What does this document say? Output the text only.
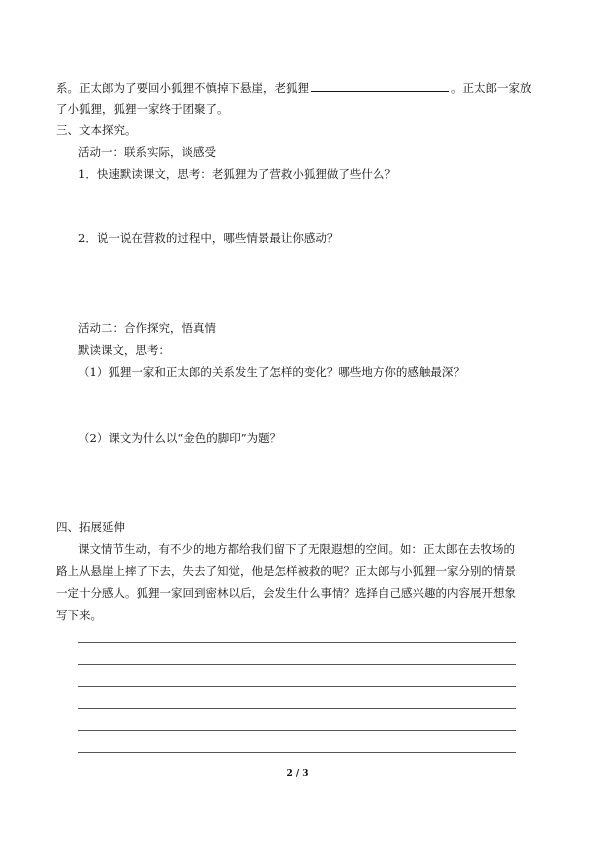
系。正太郎为了要回小狐狸不慎掉下悬崖，老狐狸	。正太郎一家放
了小狐狸，狐狸一家终于团聚了。
三、文本探究。
活动一：联系实际，谈感受
1．快速默读课文，思考：老狐狸为了营救小狐狸做了些什么？
2．说一说在营救的过程中，哪些情景最让你感动？
活动二：合作探究，悟真情
默读课文，思考：
（1）狐狸一家和正太郎的关系发生了怎样的变化？哪些地方你的感触最深？
（2）课文为什么以“金色的脚印”为题？
四、拓展延伸
课文情节生动，有不少的地方都给我们留下了无限遐想的空间。如：正太郎在去牧场的
路上从悬崖上摔了下去，失去了知觉，他是怎样被救的呢？正太郎与小狐狸一家分别的情景
一定十分感人。狐狸一家回到密林以后，会发生什么事情？选择自己感兴趣的内容展开想象
写下来。
2 / 3
